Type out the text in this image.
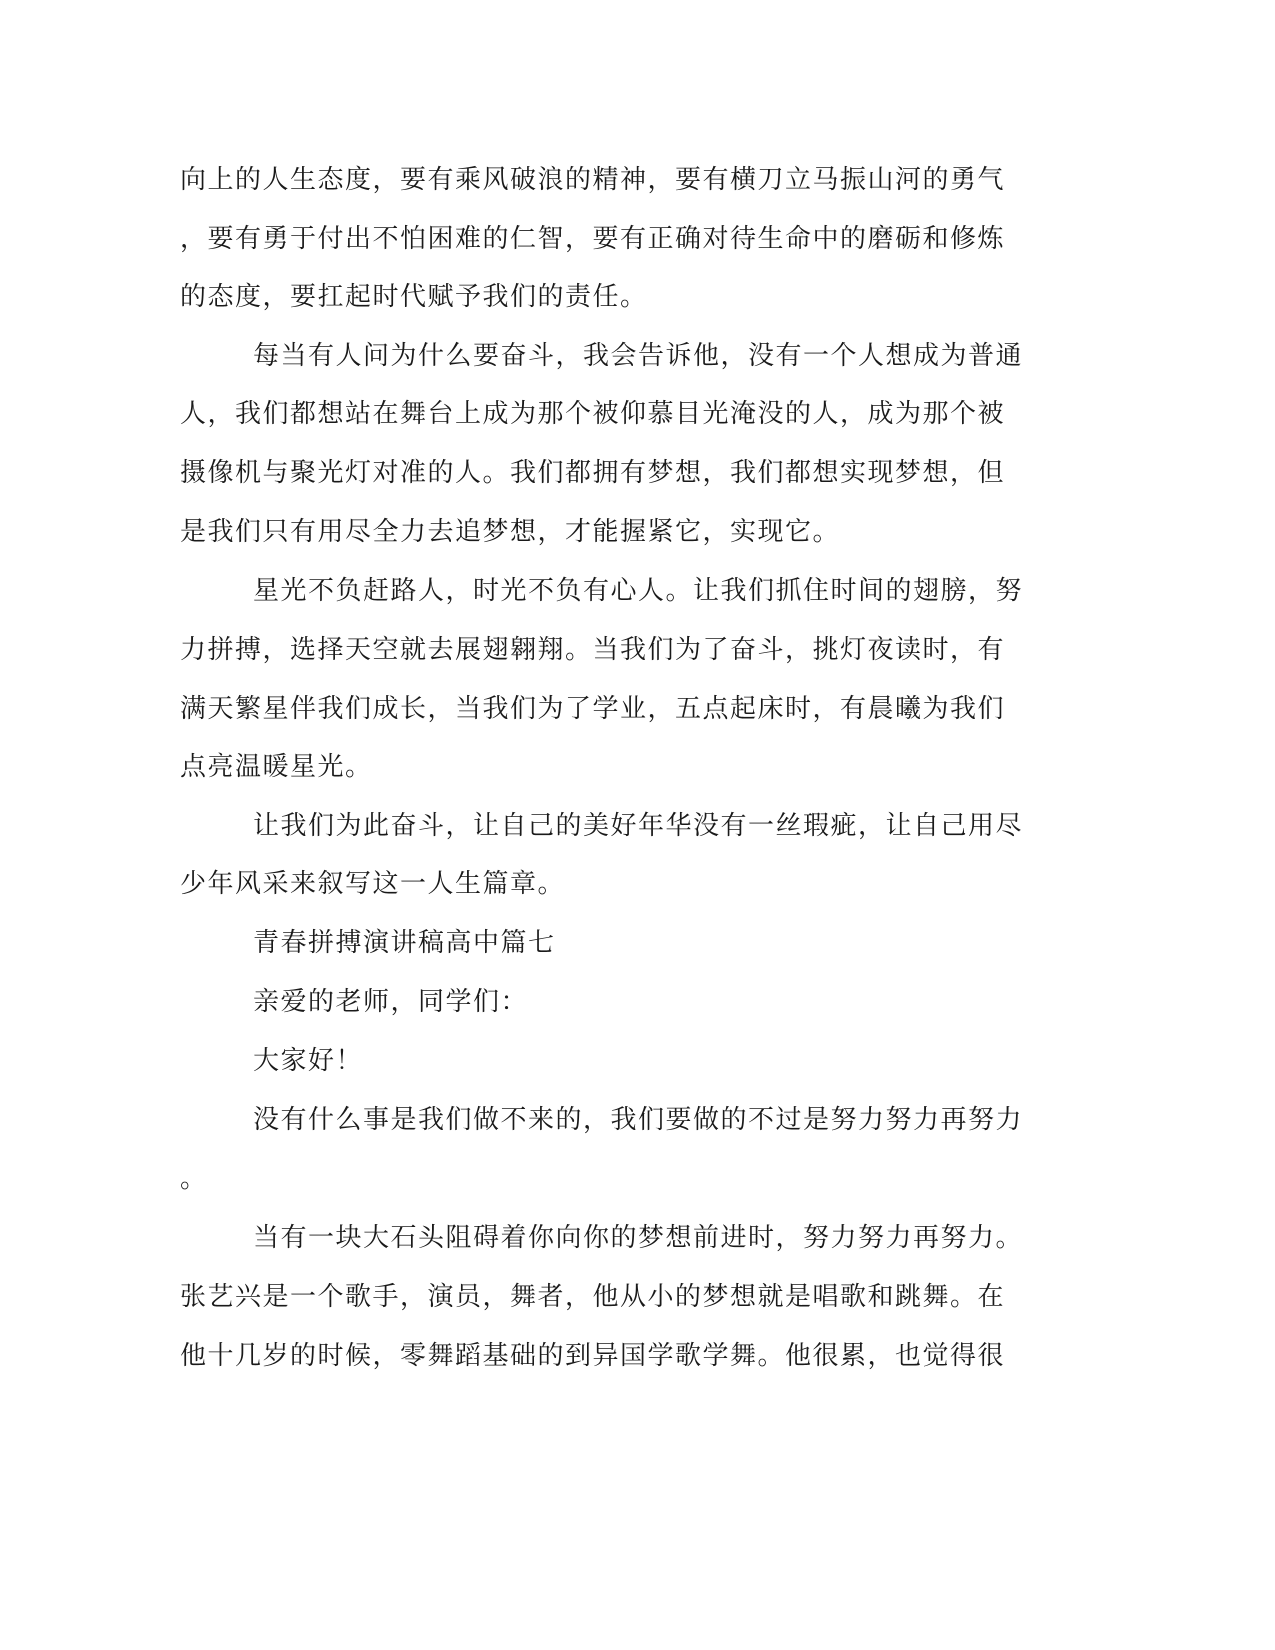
向上的人生态度，要有乘风破浪的精神，要有横刀立马振山河的勇气
，要有勇于付出不怕困难的仁智，要有正确对待生命中的磨砺和修炼
的态度，要扛起时代赋予我们的责任。
每当有人问为什么要奋斗，我会告诉他，没有一个人想成为普通
人，我们都想站在舞台上成为那个被仰慕目光淹没的人，成为那个被
摄像机与聚光灯对准的人。我们都拥有梦想，我们都想实现梦想，但
是我们只有用尽全力去追梦想，才能握紧它，实现它。
星光不负赶路人，时光不负有心人。让我们抓住时间的翅膀，努
力拼搏，选择天空就去展翅翱翔。当我们为了奋斗，挑灯夜读时，有
满天繁星伴我们成长，当我们为了学业，五点起床时，有晨曦为我们
点亮温暖星光。
让我们为此奋斗，让自己的美好年华没有一丝瑕疵，让自己用尽
少年风采来叙写这一人生篇章。
青春拼搏演讲稿高中篇七
亲爱的老师，同学们：
大家好！
没有什么事是我们做不来的，我们要做的不过是努力努力再努力
。
当有一块大石头阻碍着你向你的梦想前进时，努力努力再努力。
张艺兴是一个歌手，演员，舞者，他从小的梦想就是唱歌和跳舞。在
他十几岁的时候，零舞蹈基础的到异国学歌学舞。他很累，也觉得很
